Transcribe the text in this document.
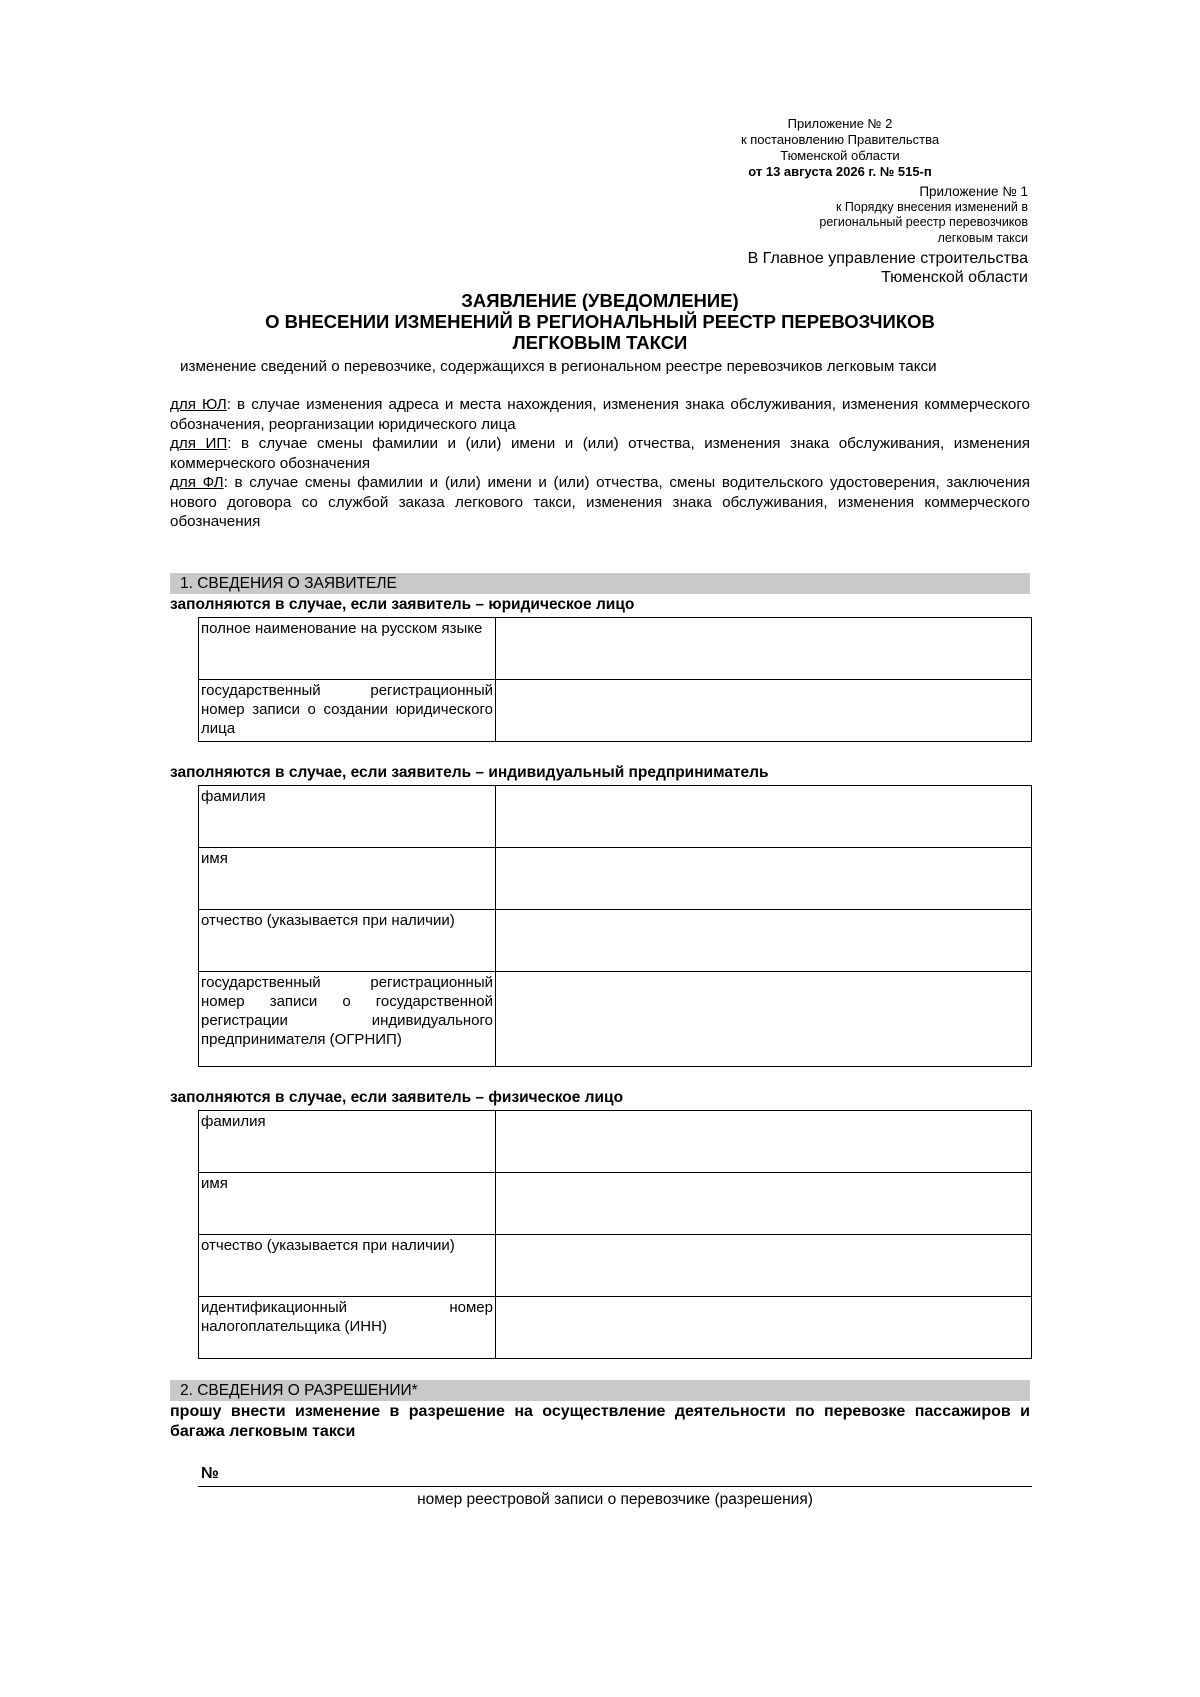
Приложение № 2
к постановлению Правительства
Тюменской области
от 13 августа 2026 г. № 515-п
Приложение № 1
к Порядку внесения изменений в
региональный реестр перевозчиков
легковым такси
В Главное управление строительства
Тюменской области
ЗАЯВЛЕНИЕ (УВЕДОМЛЕНИЕ)
О ВНЕСЕНИИ ИЗМЕНЕНИЙ В РЕГИОНАЛЬНЫЙ РЕЕСТР ПЕРЕВОЗЧИКОВ
ЛЕГКОВЫМ ТАКСИ
изменение сведений о перевозчике, содержащихся в региональном реестре перевозчиков легковым такси
для ЮЛ: в случае изменения адреса и места нахождения, изменения знака обслуживания, изменения коммерческого обозначения, реорганизации юридического лица
для ИП: в случае смены фамилии и (или) имени и (или) отчества, изменения знака обслуживания, изменения коммерческого обозначения
для ФЛ: в случае смены фамилии и (или) имени и (или) отчества, смены водительского удостоверения, заключения нового договора со службой заказа легкового такси, изменения знака обслуживания, изменения коммерческого обозначения
1. СВЕДЕНИЯ О ЗАЯВИТЕЛЕ
заполняются в случае, если заявитель – юридическое лицо
полное наименование на русском языке	
государственный регистрационный номер записи о создании юридического лица	
заполняются в случае, если заявитель – индивидуальный предприниматель
фамилия	
имя	
отчество (указывается при наличии)	
государственный регистрационный номер записи о государственной регистрации индивидуального предпринимателя (ОГРНИП)	
заполняются в случае, если заявитель – физическое лицо
фамилия	
имя	
отчество (указывается при наличии)	
идентификационный номер налогоплательщика (ИНН)	
2. СВЕДЕНИЯ О РАЗРЕШЕНИИ*
прошу внести изменение в разрешение на осуществление деятельности по перевозке пассажиров и багажа легковым такси
№
номер реестровой записи о перевозчике (разрешения)
